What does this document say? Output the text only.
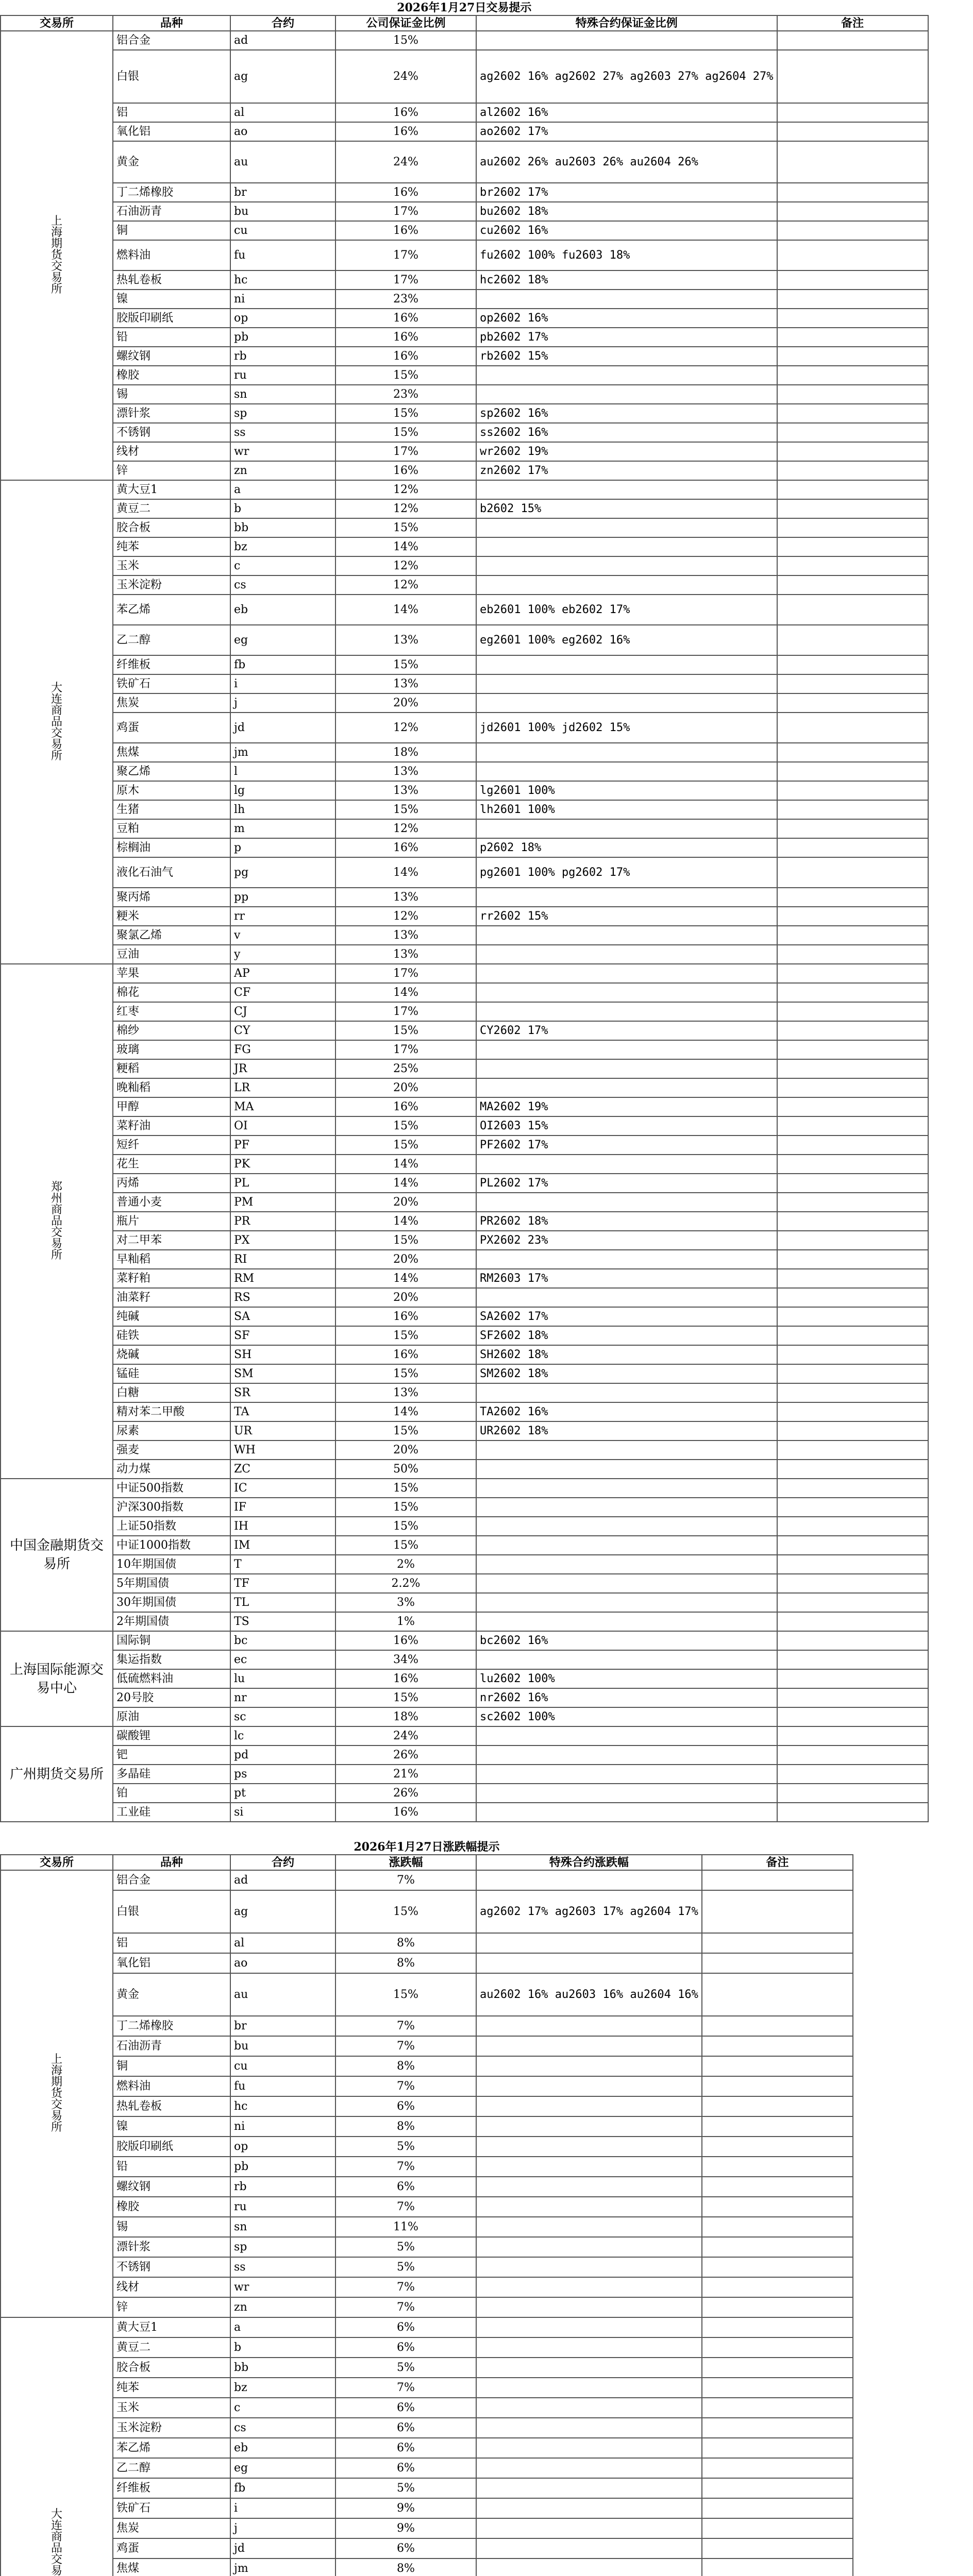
2026年1月27日交易提示					
交易所	品种	合约	公司保证金比例	特殊合约保证金比例	备注
上海期货交易所	铝合金	ad	15%		
	白银	ag	24%	ag2602 16% ag2602 27% ag2603 27% ag2604 27%	
	铝	al	16%	al2602 16%	
	氧化铝	ao	16%	ao2602 17%	
	黄金	au	24%	au2602 26% au2603 26% au2604 26%	
	丁二烯橡胶	br	16%	br2602 17%	
	石油沥青	bu	17%	bu2602 18%	
	铜	cu	16%	cu2602 16%	
	燃料油	fu	17%	fu2602 100% fu2603 18%	
	热轧卷板	hc	17%	hc2602 18%	
	镍	ni	23%		
	胶版印刷纸	op	16%	op2602 16%	
	铅	pb	16%	pb2602 17%	
	螺纹钢	rb	16%	rb2602 15%	
	橡胶	ru	15%		
	锡	sn	23%		
	漂针浆	sp	15%	sp2602 16%	
	不锈钢	ss	15%	ss2602 16%	
	线材	wr	17%	wr2602 19%	
	锌	zn	16%	zn2602 17%	
大连商品交易所	黄大豆1	a	12%		
	黄豆二	b	12%	b2602 15%	
	胶合板	bb	15%		
	纯苯	bz	14%		
	玉米	c	12%		
	玉米淀粉	cs	12%		
	苯乙烯	eb	14%	eb2601 100% eb2602 17%	
	乙二醇	eg	13%	eg2601 100% eg2602 16%	
	纤维板	fb	15%		
	铁矿石	i	13%		
	焦炭	j	20%		
	鸡蛋	jd	12%	jd2601 100% jd2602 15%	
	焦煤	jm	18%		
	聚乙烯	l	13%		
	原木	lg	13%	lg2601 100%	
	生猪	lh	15%	lh2601 100%	
	豆粕	m	12%		
	棕榈油	p	16%	p2602 18%	
	液化石油气	pg	14%	pg2601 100% pg2602 17%	
	聚丙烯	pp	13%		
	粳米	rr	12%	rr2602 15%	
	聚氯乙烯	v	13%		
	豆油	y	13%		
郑州商品交易所	苹果	AP	17%		
	棉花	CF	14%		
	红枣	CJ	17%		
	棉纱	CY	15%	CY2602 17%	
	玻璃	FG	17%		
	粳稻	JR	25%		
	晚籼稻	LR	20%		
	甲醇	MA	16%	MA2602 19%	
	菜籽油	OI	15%	OI2603 15%	
	短纤	PF	15%	PF2602 17%	
	花生	PK	14%		
	丙烯	PL	14%	PL2602 17%	
	普通小麦	PM	20%		
	瓶片	PR	14%	PR2602 18%	
	对二甲苯	PX	15%	PX2602 23%	
	早籼稻	RI	20%		
	菜籽粕	RM	14%	RM2603 17%	
	油菜籽	RS	20%		
	纯碱	SA	16%	SA2602 17%	
	硅铁	SF	15%	SF2602 18%	
	烧碱	SH	16%	SH2602 18%	
	锰硅	SM	15%	SM2602 18%	
	白糖	SR	13%		
	精对苯二甲酸	TA	14%	TA2602 16%	
	尿素	UR	15%	UR2602 18%	
	强麦	WH	20%		
	动力煤	ZC	50%		
中国金融期货交易所	中证500指数	IC	15%		
	沪深300指数	IF	15%		
	上证50指数	IH	15%		
	中证1000指数	IM	15%		
	10年期国债	T	2%		
	5年期国债	TF	2.2%		
	30年期国债	TL	3%		
	2年期国债	TS	1%		
上海国际能源交易中心	国际铜	bc	16%	bc2602 16%	
	集运指数	ec	34%		
	低硫燃料油	lu	16%	lu2602 100%	
	20号胶	nr	15%	nr2602 16%	
	原油	sc	18%	sc2602 100%	
广州期货交易所	碳酸锂	lc	24%		
	钯	pd	26%		
	多晶硅	ps	21%		
	铂	pt	26%		
	工业硅	si	16%		
2026年1月27日涨跌幅提示					
交易所	品种	合约	涨跌幅	特殊合约涨跌幅	备注
上海期货交易所	铝合金	ad	7%		
	白银	ag	15%	ag2602 17% ag2603 17% ag2604 17%	
	铝	al	8%		
	氧化铝	ao	8%		
	黄金	au	15%	au2602 16% au2603 16% au2604 16%	
	丁二烯橡胶	br	7%		
	石油沥青	bu	7%		
	铜	cu	8%		
	燃料油	fu	7%		
	热轧卷板	hc	6%		
	镍	ni	8%		
	胶版印刷纸	op	5%		
	铅	pb	7%		
	螺纹钢	rb	6%		
	橡胶	ru	7%		
	锡	sn	11%		
	漂针浆	sp	5%		
	不锈钢	ss	5%		
	线材	wr	7%		
	锌	zn	7%		
大连商品交易	黄大豆1	a	6%		
	黄豆二	b	6%		
	胶合板	bb	5%		
	纯苯	bz	7%		
	玉米	c	6%		
	玉米淀粉	cs	6%		
	苯乙烯	eb	6%		
	乙二醇	eg	6%		
	纤维板	fb	5%		
	铁矿石	i	9%		
	焦炭	j	9%		
	鸡蛋	jd	6%		
	焦煤	jm	8%		
